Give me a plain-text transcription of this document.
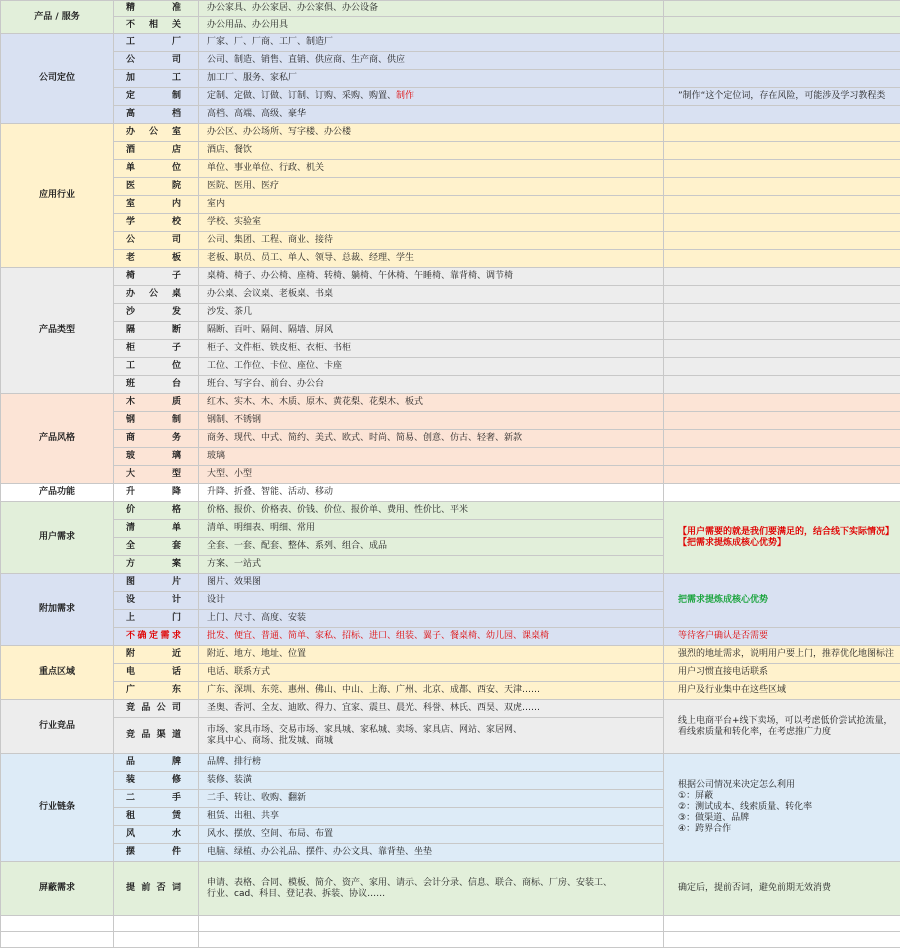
产品 / 服务	精准	办公家具、办公家居、办公家俱、办公设备	
	不相关	办公用品、办公用具	
公司定位	工厂	厂家、厂、厂商、工厂、制造厂	
	公司	公司、制造、销售、直销、供应商、生产商、供应	
	加工	加工厂、服务、家私厂	
	定制	定制、定做、订做、订制、订购、采购、购置、制作	”制作“这个定位词，存在风险，可能涉及学习教程类
	高档	高档、高端、高级、豪华	
应用行业	办公室	办公区、办公场所、写字楼、办公楼	
	酒店	酒店、餐饮	
	单位	单位、事业单位、行政、机关	
	医院	医院、医用、医疗	
	室内	室内	
	学校	学校、实验室	
	公司	公司、集团、工程、商业、接待	
	老板	老板、职员、员工、单人、领导、总裁、经理、学生	
产品类型	椅子	桌椅、椅子、办公椅、座椅、转椅、躺椅、午休椅、午睡椅、靠背椅、调节椅	
	办公桌	办公桌、会议桌、老板桌、书桌	
	沙发	沙发、茶几	
	隔断	隔断、百叶、隔间、隔墙、屏风	
	柜子	柜子、文件柜、铁皮柜、衣柜、书柜	
	工位	工位、工作位、卡位、座位、卡座	
	班台	班台、写字台、前台、办公台	
产品风格	木质	红木、实木、木、木质、原木、黄花梨、花梨木、板式	
	钢制	钢制、不锈钢	
	商务	商务、现代、中式、简约、美式、欧式、时尚、简易、创意、仿古、轻奢、新款	
	玻璃	玻璃	
	大型	大型、小型	
产品功能	升降	升降、折叠、智能、活动、移动	
用户需求	价格	价格、报价、价格表、价钱、价位、报价单、费用、性价比、平米	【用户需要的就是我们要满足的，结合线下实际情况】
【把需求提炼成核心优势】

	清单	清单、明细表、明细、常用	
	全套	全套、一套、配套、整体、系列、组合、成品	
	方案	方案、一站式	
附加需求	图片	图片、效果图	把需求提炼成核心优势
	设计	设计	
	上门	上门、尺寸、高度、安装	
	不确定需求	批发、便宜、普通、简单、家私、招标、进口、组装、翼子、餐桌椅、幼儿园、课桌椅	等待客户确认是否需要
重点区域	附近	附近、地方、地址、位置	强烈的地址需求，说明用户要上门，推荐优化地图标注
	电话	电话、联系方式	用户习惯直接电话联系
	广东	广东、深圳、东莞、惠州、佛山、中山、上海、广州、北京、成都、西安、天津……	用户及行业集中在这些区域
行业竞品	竞品公司	圣奥、香河、全友、迪欧、得力、宜家、震旦、晨光、科誉、林氏、西昊、双虎……	线上电商平台+线下卖场，可以考虑低价尝试抢流量，
看线索质量和转化率，在考虑推广力度

	竞品渠道	市场、家具市场、交易市场、家具城、家私城、卖场、家具店、网站、家居网、
家具中心、商场、批发城、商城	

行业链条	品牌	品牌、排行榜	根据公司情况来决定怎么利用
①：屏蔽
②：测试成本、线索质量、转化率
③：做渠道、品牌
④：跨界合作

	装修	装修、装潢	
	二手	二手、转让、收购、翻新	
	租赁	租赁、出租、共享	
	风水	风水、摆放、空间、布局、布置	
	摆件	电脑、绿植、办公礼品、摆件、办公文具、靠背垫、坐垫	
屏蔽需求	提前否词	申请、表格、合同、模板、简介、资产、家用、请示、会计分录、信息、联合、商标、厂房、安装工、
行业、cad、科目、登记表、拆装、协议……	确定后，提前否词，避免前期无效消费
